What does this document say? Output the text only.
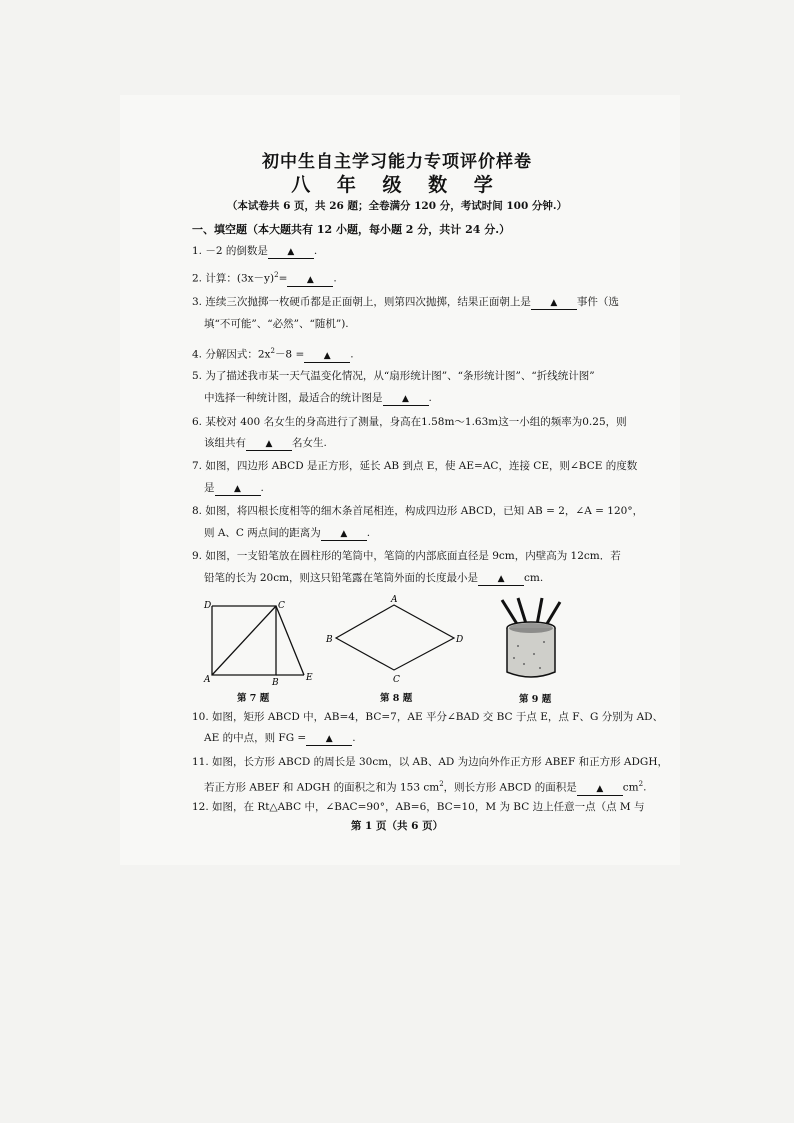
初中生自主学习能力专项评价样卷
八 年 级 数 学
（本试卷共 6 页，共 26 题；全卷满分 120 分，考试时间 100 分钟.）
一、填空题（本大题共有 12 小题，每小题 2 分，共计 24 分.）
1. －2 的倒数是 ▲ .
2. 计算：$(3x-y)^2=$ ▲ .
3. 连续三次抛掷一枚硬币都是正面朝上，则第四次抛掷，结果正面朝上是 ▲ 事件（选
填“不可能”、“必然”、“随机”).
4. 分解因式：$2x^2-8$ = ▲ .
5. 为了描述我市某一天气温变化情况，从“扇形统计图”、“条形统计图”、“折线统计图”
中选择一种统计图，最适合的统计图是 ▲ .
6. 某校对 400 名女生的身高进行了测量，身高在1.58m～1.63m这一小组的频率为0.25，则
该组共有 ▲ 名女生.
7. 如图，四边形 ABCD 是正方形，延长 AB 到点 E，使 AE=AC，连接 CE，则∠BCE 的度数
是 ▲ .
8. 如图，将四根长度相等的细木条首尾相连，构成四边形 ABCD，已知 AB = 2，∠A = 120°，
则 A、C 两点间的距离为 ▲ .
9. 如图，一支铅笔放在圆柱形的笔筒中，笔筒的内部底面直径是 9cm，内壁高为 12cm．若
铅笔的长为 20cm，则这只铅笔露在笔筒外面的长度最小是 ▲ cm.
D	C
A	B	E
第 7 题
A
B
C
D
第 8 题	第 9 题
10. 如图，矩形 ABCD 中，AB=4，BC=7，AE 平分∠BAD 交 BC 于点 E，点 F、G 分别为 AD、
AE 的中点，则 FG = ▲ .
11. 如图，长方形 ABCD 的周长是 30cm，以 AB、AD 为边向外作正方形 ABEF 和正方形 ADGH，
若正方形 ABEF 和 ADGH 的面积之和为 153 $cm^2$，则长方形 ABCD 的面积是 ▲ $cm^2$.
12. 如图，在 Rt△ABC 中，∠BAC=90°，AB=6，BC=10，M 为 BC 边上任意一点（点 M 与
第 1 页（共 6 页）
